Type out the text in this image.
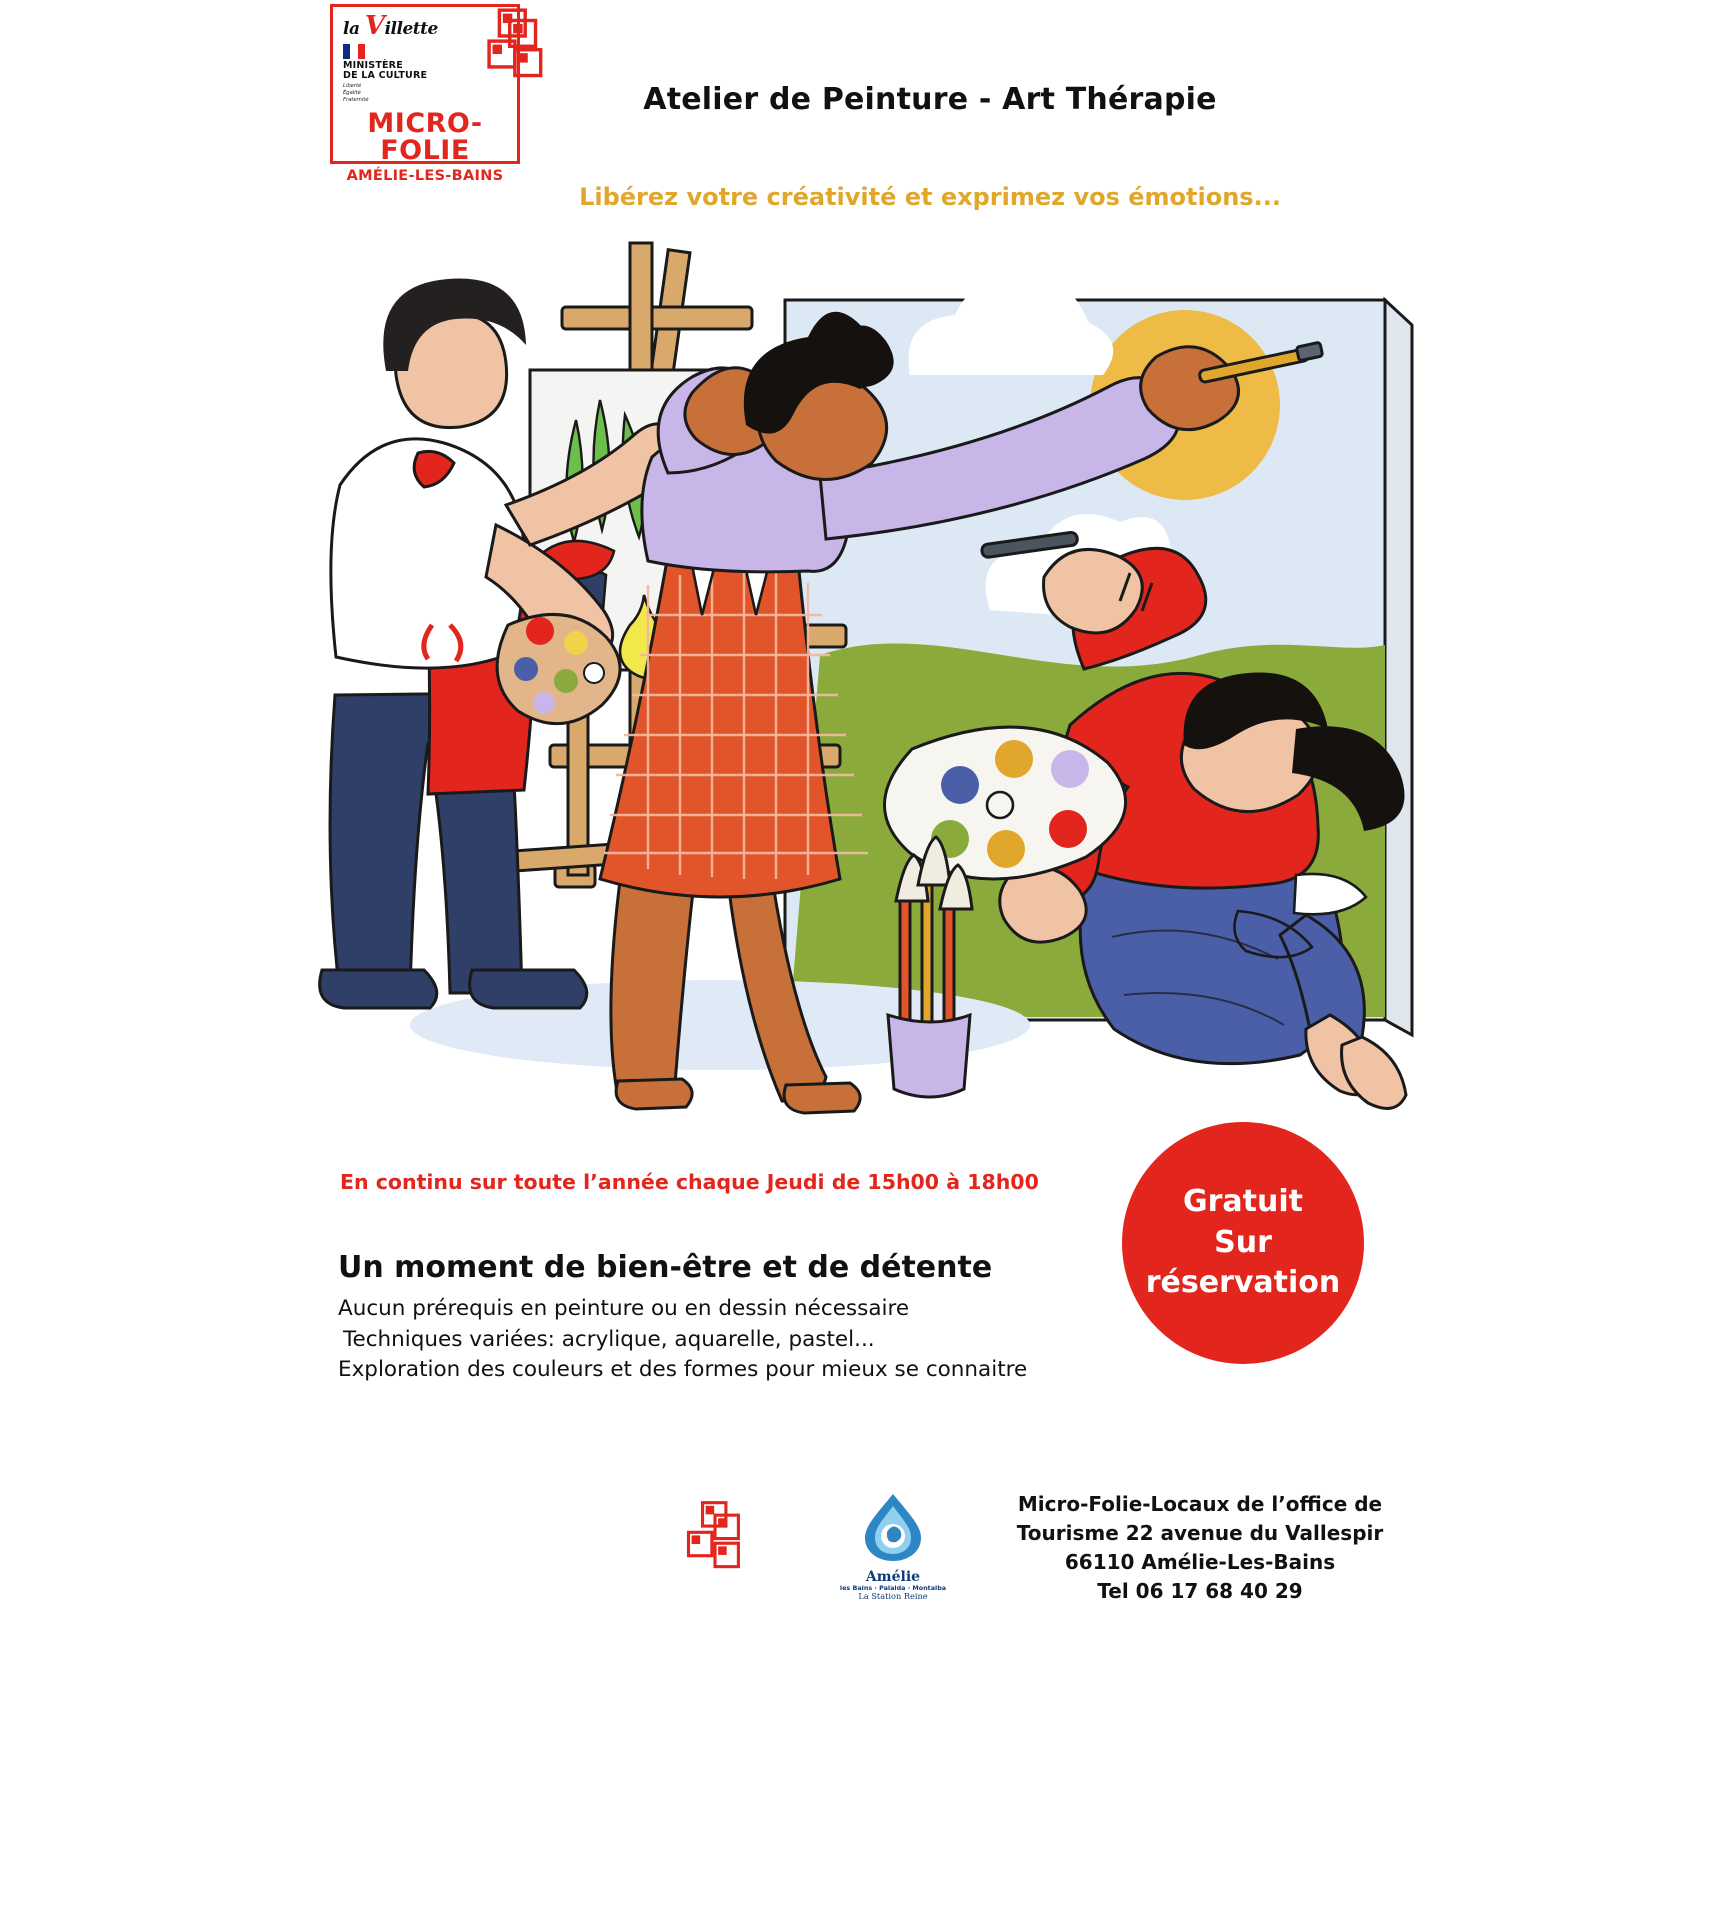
la Villette
MINISTÈRE
DE LA CULTURE
Liberté
Égalité
Fraternité
MICRO-FOLIE
AMÉLIE-LES-BAINS
Atelier de Peinture - Art Thérapie
Libérez votre créativité et exprimez vos émotions...
En continu sur toute l’année chaque Jeudi de 15h00 à 18h00
Un moment de bien-être et de détente
Aucun prérequis en peinture ou en dessin nécessaire
Techniques variées: acrylique, aquarelle, pastel...
Exploration des couleurs et des formes pour mieux se connaitre
Gratuit
Sur
réservation
Amélie
les Bains · Palalda · Montalba
La Station Reine
Micro-Folie-Locaux de l’office de
Tourisme 22 avenue du Vallespir
66110 Amélie-Les-Bains
Tel 06 17 68 40 29
